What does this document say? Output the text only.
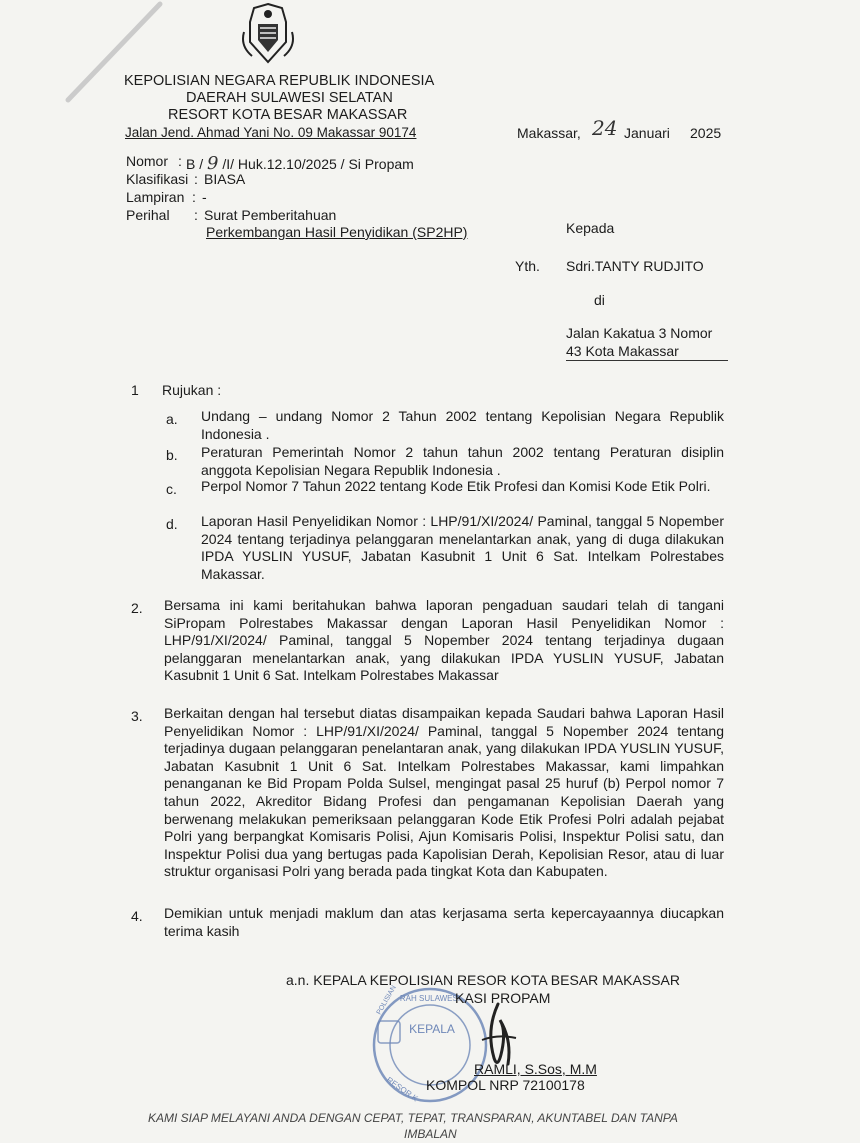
KEPOLISIAN NEGARA REPUBLIK INDONESIA
DAERAH SULAWESI SELATAN
RESORT KOTA BESAR MAKASSAR
Jalan Jend. Ahmad Yani No. 09 Makassar 90174	Makassar, 24 Januari 2025
Nomor : B / 9 /I/ Huk.12.10/2025 / Si Propam
Klasifikasi : BIASA
Lampiran : -
Perihal : Surat Pemberitahuan
Perkembangan Hasil Penyidikan (SP2HP)	Kepada
Yth. Sdri.TANTY RUDJITO
di
Jalan Kakatua 3 Nomor
43 Kota Makassar
1 Rujukan :
a. Undang – undang Nomor 2 Tahun 2002 tentang Kepolisian Negara Republik Indonesia .
b. Peraturan Pemerintah Nomor 2 tahun tahun 2002 tentang Peraturan disiplin anggota Kepolisian Negara Republik Indonesia .
c. Perpol Nomor 7 Tahun 2022 tentang Kode Etik Profesi dan Komisi Kode Etik Polri.
d. Laporan Hasil Penyelidikan Nomor : LHP/91/XI/2024/ Paminal, tanggal 5 Nopember 2024 tentang terjadinya pelanggaran menelantarkan anak, yang di duga dilakukan IPDA YUSLIN YUSUF, Jabatan Kasubnit 1 Unit 6 Sat. Intelkam Polrestabes Makassar.
2. Bersama ini kami beritahukan bahwa laporan pengaduan saudari telah di tangani SiPropam Polrestabes Makassar dengan Laporan Hasil Penyelidikan Nomor : LHP/91/XI/2024/ Paminal, tanggal 5 Nopember 2024 tentang terjadinya dugaan pelanggaran menelantarkan anak, yang dilakukan IPDA YUSLIN YUSUF, Jabatan Kasubnit 1 Unit 6 Sat. Intelkam Polrestabes Makassar
3. Berkaitan dengan hal tersebut diatas disampaikan kepada Saudari bahwa Laporan Hasil Penyelidikan Nomor : LHP/91/XI/2024/ Paminal, tanggal 5 Nopember 2024 tentang terjadinya dugaan pelanggaran penelantaran anak, yang dilakukan IPDA YUSLIN YUSUF, Jabatan Kasubnit 1 Unit 6 Sat. Intelkam Polrestabes Makassar, kami limpahkan penanganan ke Bid Propam Polda Sulsel, mengingat pasal 25 huruf (b) Perpol nomor 7 tahun 2022, Akreditor Bidang Profesi dan pengamanan Kepolisian Daerah yang berwenang melakukan pemeriksaan pelanggaran Kode Etik Profesi Polri adalah pejabat Polri yang berpangkat Komisaris Polisi, Ajun Komisaris Polisi, Inspektur Polisi satu, dan Inspektur Polisi dua yang bertugas pada Kapolisian Derah, Kepolisian Resor, atau di luar struktur organisasi Polri yang berada pada tingkat Kota dan Kabupaten.
4. Demikian untuk menjadi maklum dan atas kerjasama serta kepercayaannya diucapkan terima kasih
RAH SULAWESI
KEPALA
POLISIAN
RESOR K
a.n. KEPALA KEPOLISIAN RESOR KOTA BESAR MAKASSAR
KASI PROPAM
RAMLI, S.Sos, M.M
KOMPOL NRP 72100178
KAMI SIAP MELAYANI ANDA DENGAN CEPAT, TEPAT, TRANSPARAN, AKUNTABEL DAN TANPA
IMBALAN
